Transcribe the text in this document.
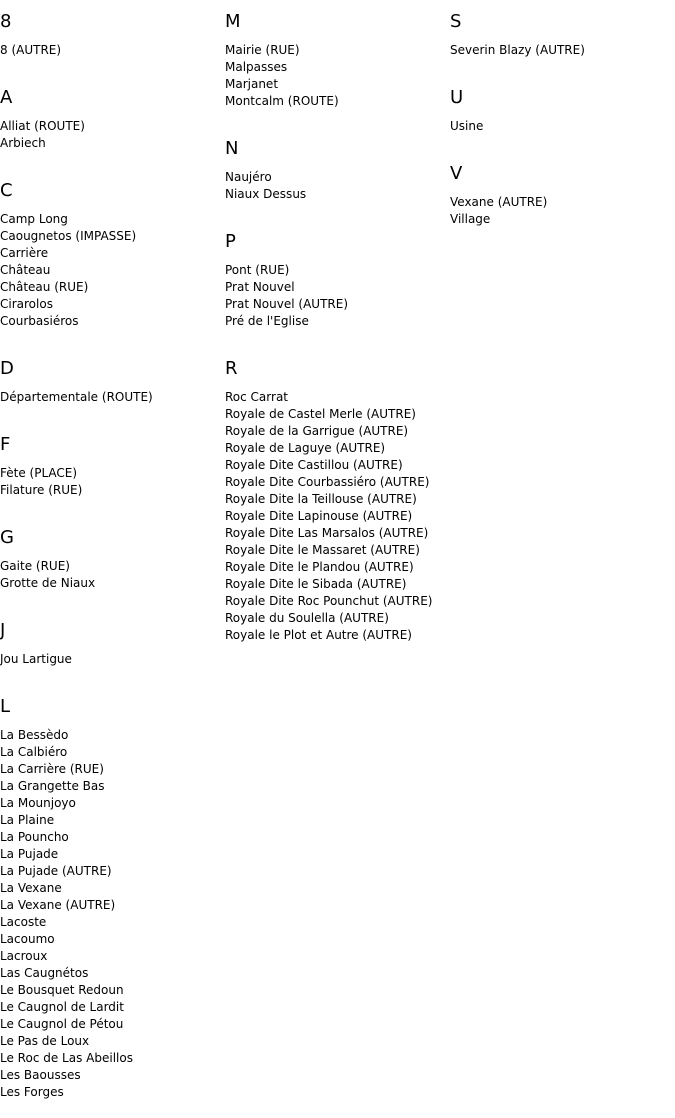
8
8 (AUTRE)
A
Alliat (ROUTE)
Arbiech
C
Camp Long
Caougnetos (IMPASSE)
Carrière
Château
Château (RUE)
Cirarolos
Courbasiéros
D
Départementale (ROUTE)
F
Fète (PLACE)
Filature (RUE)
G
Gaite (RUE)
Grotte de Niaux
J
Jou Lartigue
L
La Bessèdo
La Calbiéro
La Carrière (RUE)
La Grangette Bas
La Mounjoyo
La Plaine
La Pouncho
La Pujade
La Pujade (AUTRE)
La Vexane
La Vexane (AUTRE)
Lacoste
Lacoumo
Lacroux
Las Caugnétos
Le Bousquet Redoun
Le Caugnol de Lardit
Le Caugnol de Pétou
Le Pas de Loux
Le Roc de Las Abeillos
Les Baousses
Les Forges
M
Mairie (RUE)
Malpasses
Marjanet
Montcalm (ROUTE)
N
Naujéro
Niaux Dessus
P
Pont (RUE)
Prat Nouvel
Prat Nouvel (AUTRE)
Pré de l'Eglise
R
Roc Carrat
Royale de Castel Merle (AUTRE)
Royale de la Garrigue (AUTRE)
Royale de Laguye (AUTRE)
Royale Dite Castillou (AUTRE)
Royale Dite Courbassiéro (AUTRE)
Royale Dite la Teillouse (AUTRE)
Royale Dite Lapinouse (AUTRE)
Royale Dite Las Marsalos (AUTRE)
Royale Dite le Massaret (AUTRE)
Royale Dite le Plandou (AUTRE)
Royale Dite le Sibada (AUTRE)
Royale Dite Roc Pounchut (AUTRE)
Royale du Soulella (AUTRE)
Royale le Plot et Autre (AUTRE)
S
Severin Blazy (AUTRE)
U
Usine
V
Vexane (AUTRE)
Village
